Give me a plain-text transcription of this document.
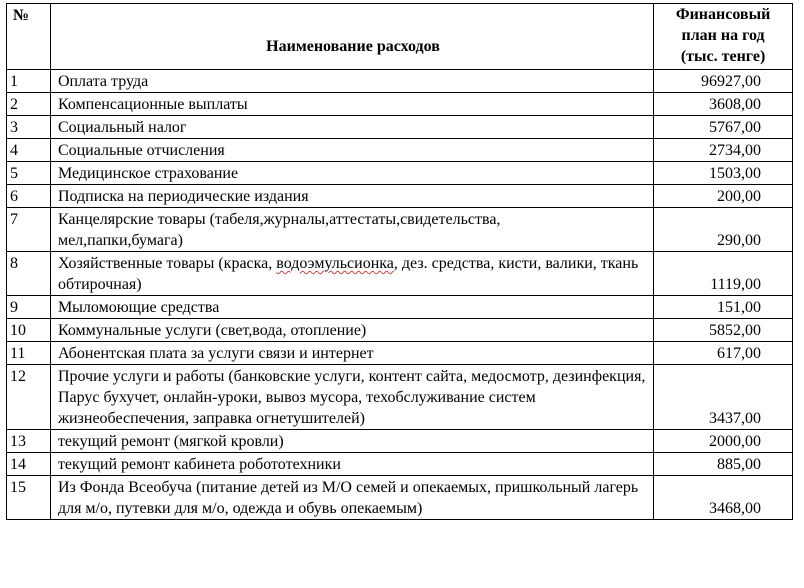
№	Наименование расходов	Финансовый
план на год
(тыс. тенге)

1	Оплата труда	96927,00
2	Компенсационные выплаты	3608,00
3	Социальный налог	5767,00
4	Социальные отчисления	2734,00
5	Медицинское страхование	1503,00
6	Подписка на периодические издания	200,00
7	Канцелярские товары (табеля,журналы,аттестаты,свидетельства, мел,папки,бумага)	290,00
8	Хозяйственные товары (краска, водоэмульсионка, дез. средства, кисти, валики, ткань обтирочная)	1119,00
9	Мыломоющие средства	151,00
10	Коммунальные услуги (свет,вода, отопление)	5852,00
11	Абонентская плата за услуги связи и интернет	617,00
12	Прочие услуги и работы (банковские услуги, контент сайта, медосмотр, дезинфекция, Парус бухучет, онлайн-уроки, вывоз мусора, техобслуживание систем жизнеобеспечения, заправка огнетушителей)	3437,00
13	текущий ремонт (мягкой кровли)	2000,00
14	текущий ремонт кабинета робототехники	885,00
15	Из Фонда Всеобуча (питание детей из М/О семей и опекаемых, пришкольный лагерь для м/о, путевки для м/о, одежда и обувь опекаемым)	3468,00
